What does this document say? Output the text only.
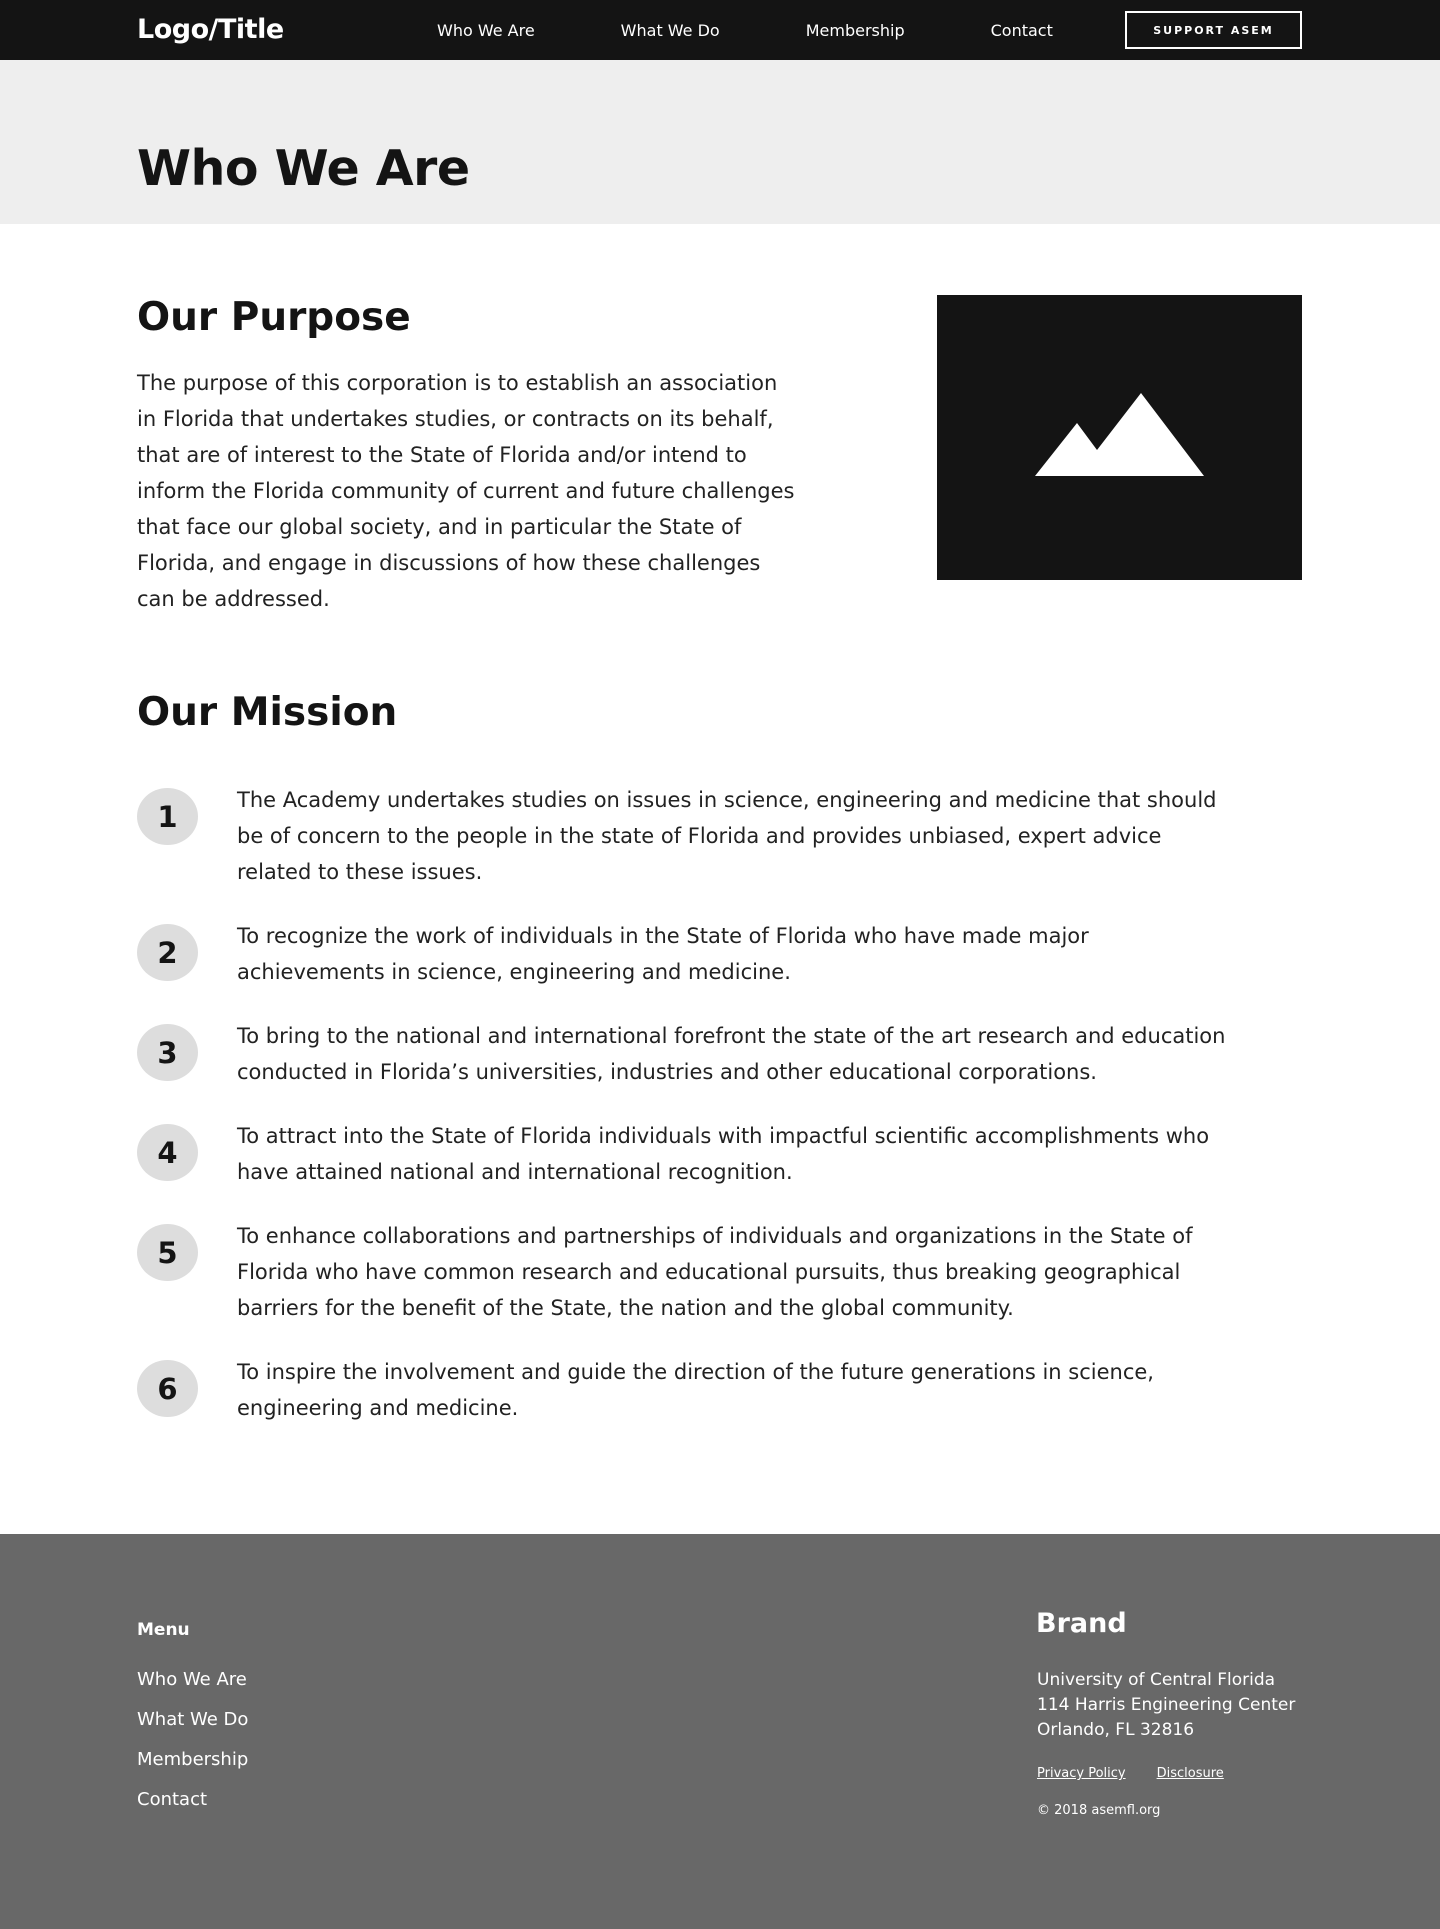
Logo/Title	Who We Are	What We Do	Membership	Contact	SUPPORT ASEM
Who We Are
Our Purpose

The purpose of this corporation is to establish an association in Florida that undertakes studies, or contracts on its behalf, that are of interest to the State of Florida and/or intend to inform the Florida community of current and future challenges that face our global society, and in particular the State of Florida, and engage in discussions of how these challenges can be addressed.

Our Mission
1	The Academy undertakes studies on issues in science, engineering and medicine that should be of concern to the people in the state of Florida and provides unbiased, expert advice related to these issues.

2	To recognize the work of individuals in the State of Florida who have made major achievements in science, engineering and medicine.

3	To bring to the national and international forefront the state of the art research and education conducted in Florida’s universities, industries and other educational corporations.

4	To attract into the State of Florida individuals with impactful scientific accomplishments who have attained national and international recognition.

5	To enhance collaborations and partnerships of individuals and organizations in the State of Florida who have common research and educational pursuits, thus breaking geographical barriers for the benefit of the State, the nation and the global community.

6	To inspire the involvement and guide the direction of the future generations in science, engineering and medicine.

Menu
Who We Are
What We Do
Membership
Contact
Brand
University of Central Florida
114 Harris Engineering Center
Orlando, FL 32816
Privacy Policy Disclosure
© 2018 asemfl.org
